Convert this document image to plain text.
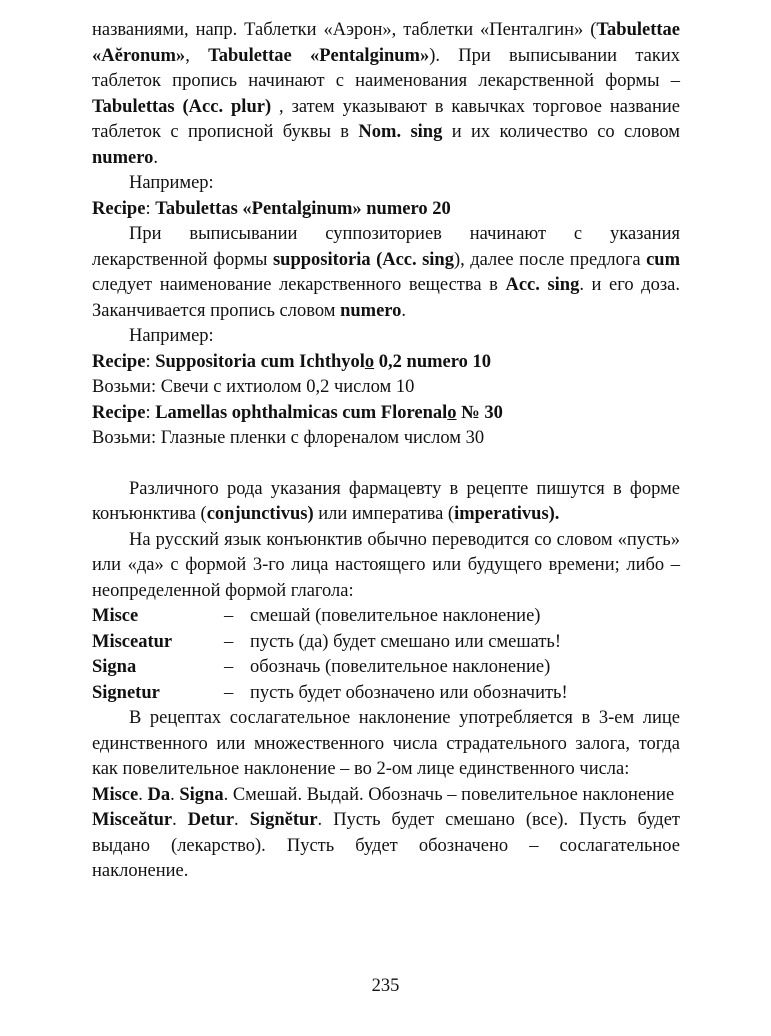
названиями, напр. Таблетки «Аэрон», таблетки «Пенталгин» (Tabulettae «Aĕronum», Tabulettae «Pentalginum»). При выписывании таких таблеток пропись начинают с наименования лекарственной формы – Tabulettas (Acc. plur) , затем указывают в кавычках торговое название таблеток с прописной буквы в Nom. sing и их количество со словом numero.

Например:

Recipe: Tabulettas «Pentalginum» numero 20

При выписывании суппозиториев начинают с указания лекарственной формы suppositoria (Acc. sing), далее после предлога cum следует наименование лекарственного вещества в Acc. sing. и его доза. Заканчивается пропись словом numero.

Например:

Recipe: Suppositoria cum Ichthyolo 0,2 numero 10

Возьми: Свечи с ихтиолом 0,2 числом 10

Recipe: Lamellas ophthalmicas cum Florenalo № 30

Возьми: Глазные пленки с флореналом числом 30

Различного рода указания фармацевту в рецепте пишутся в форме конъюнктива (conjunctivus) или императива (imperativus).

На русский язык конъюнктив обычно переводится со словом «пусть» или «да» с формой 3-го лица настоящего или будущего времени; либо – неопределенной формой глагола:

Misce	– смешай (повелительное наклонение)
Misceatur	– пусть (да) будет смешано или смешать!
Signa	– обозначь (повелительное наклонение)
Signetur	– пусть будет обозначено или обозначить!

В рецептах сослагательное наклонение употребляется в 3-ем лице единственного или множественного числа страдательного залога, тогда как повелительное наклонение – во 2-ом лице единственного числа:

Misce. Da. Signa. Смешай. Выдай. Обозначь – повелительное наклонение

Miscеătur. Detur. Signĕtur. Пусть будет смешано (все). Пусть будет выдано (лекарство). Пусть будет обозначено – сослагательное наклонение.

235
